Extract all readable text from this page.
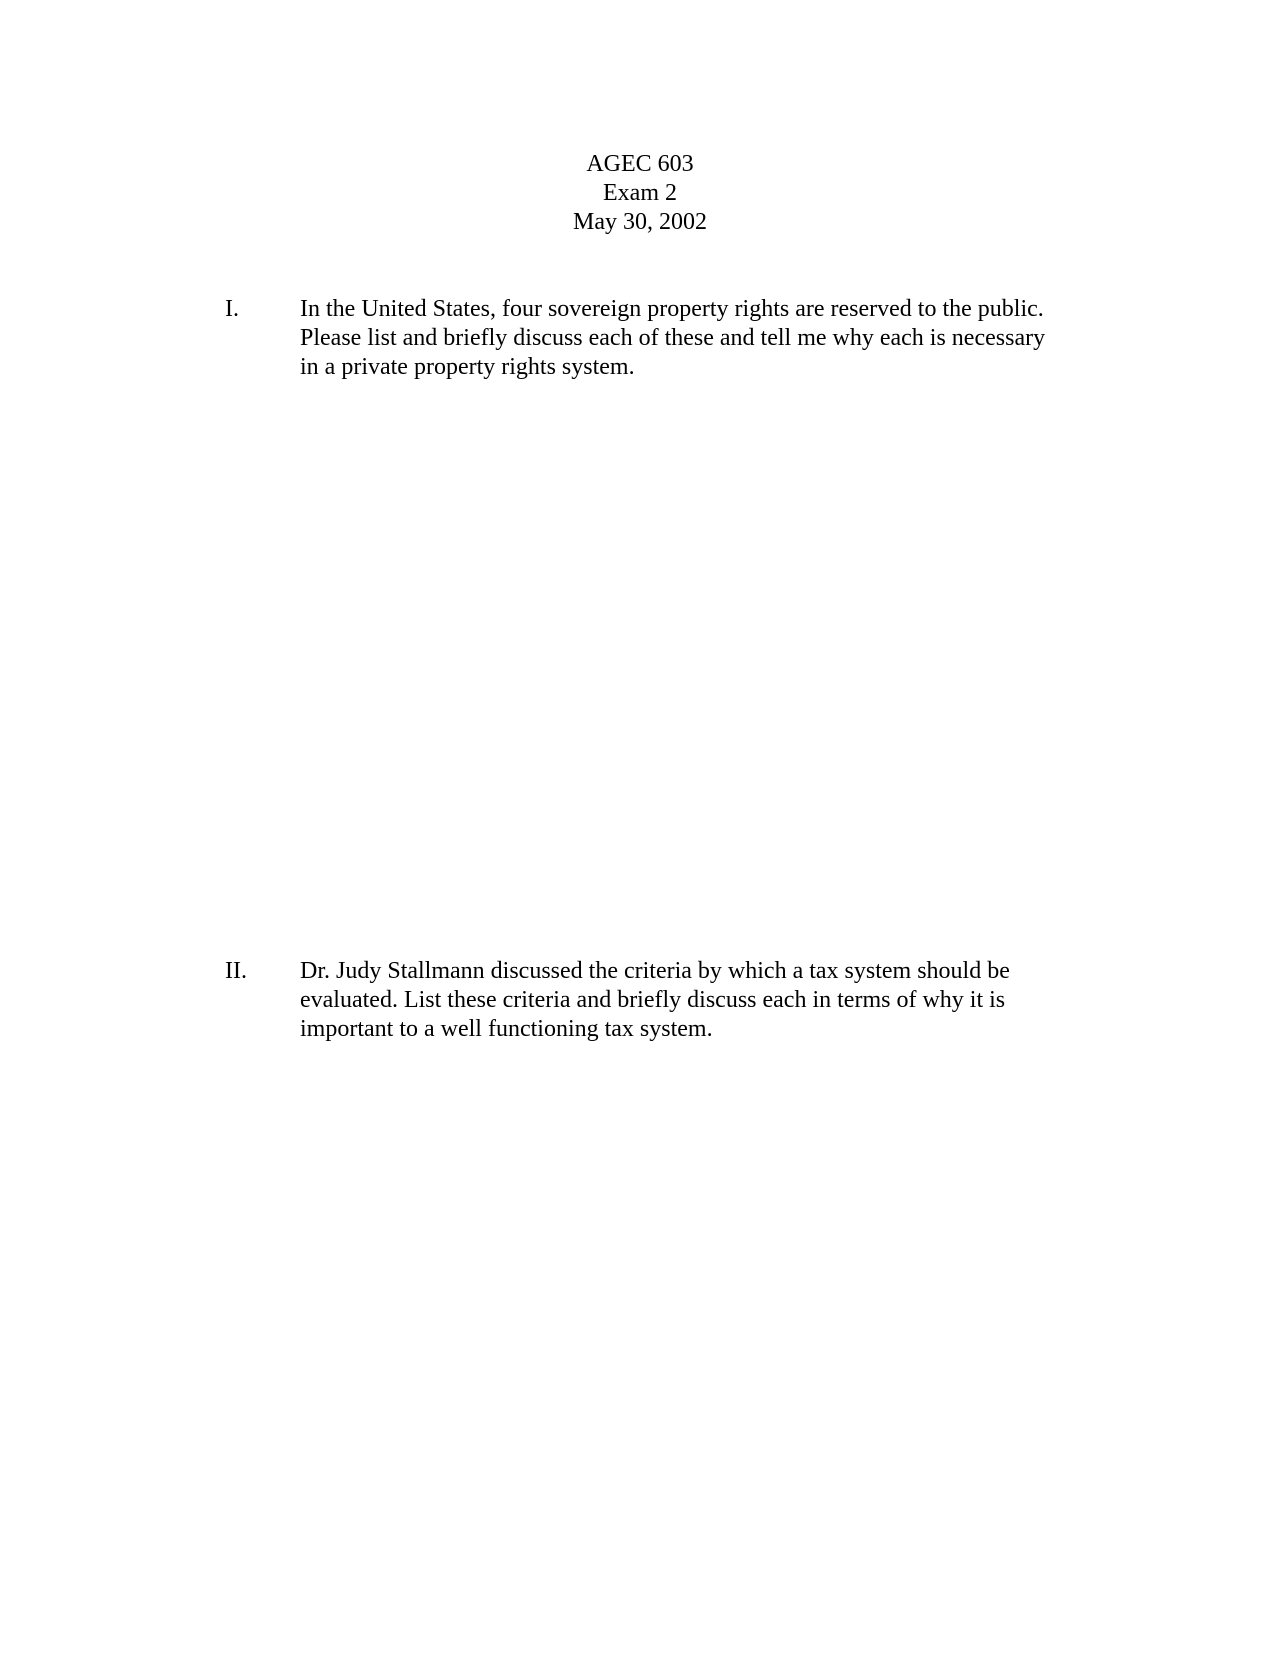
AGEC 603
Exam 2
May 30, 2002
I.	In the United States, four sovereign property rights are reserved to the public.
Please list and briefly discuss each of these and tell me why each is necessary
in a private property rights system.
II. Dr. Judy Stallmann discussed the criteria by which a tax system should be
evaluated. List these criteria and briefly discuss each in terms of why it is
important to a well functioning tax system.
